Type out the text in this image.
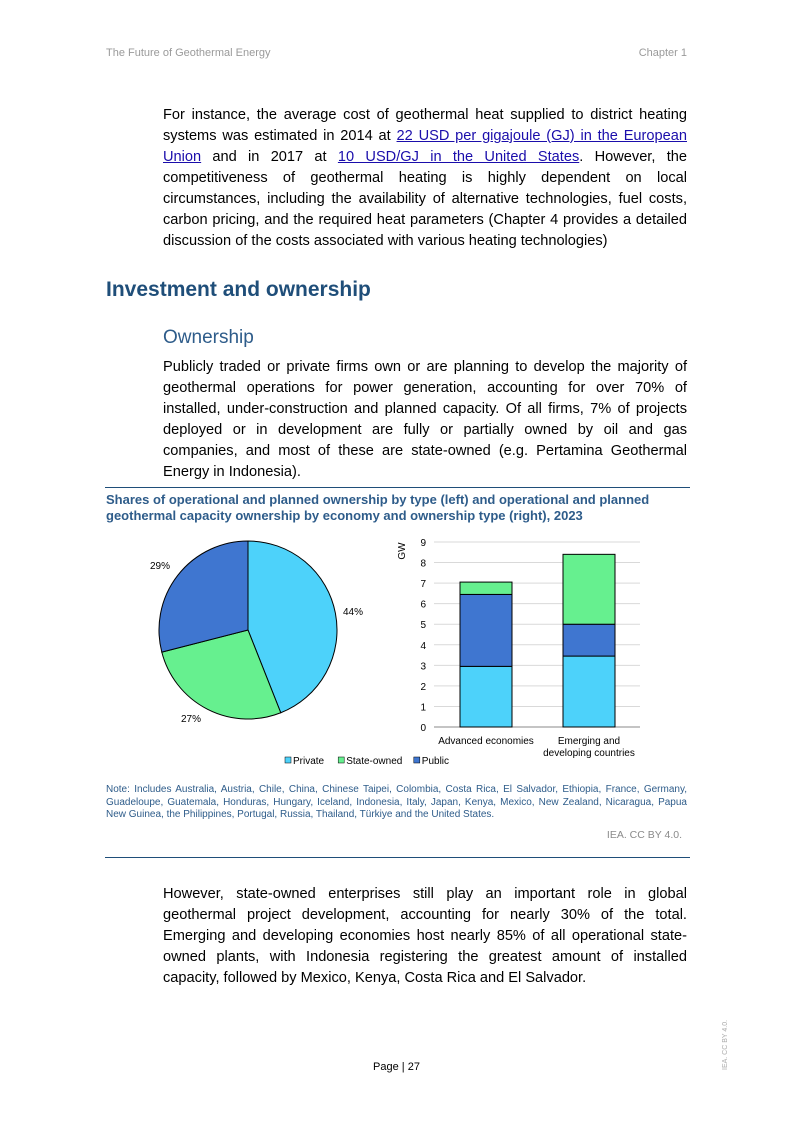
The Future of Geothermal Energy	Chapter 1
For instance, the average cost of geothermal heat supplied to district heating systems was estimated in 2014 at 22 USD per gigajoule (GJ) in the European Union and in 2017 at 10 USD/GJ in the United States. However, the competitiveness of geothermal heating is highly dependent on local circumstances, including the availability of alternative technologies, fuel costs, carbon pricing, and the required heat parameters (Chapter 4 provides a detailed discussion of the costs associated with various heating technologies)
Investment and ownership
Ownership
Publicly traded or private firms own or are planning to develop the majority of geothermal operations for power generation, accounting for over 70% of installed, under-construction and planned capacity. Of all firms, 7% of projects deployed or in development are fully or partially owned by oil and gas companies, and most of these are state-owned (e.g. Pertamina Geothermal Energy in Indonesia).
Shares of operational and planned ownership by type (left) and operational and planned geothermal capacity ownership by economy and ownership type (right), 2023
44%
27%
29%
0
1
2
3
4
5
6
7
8
9
GW
Advanced economies Emerging and
developing countries
Private State-owned Public
Note: Includes Australia, Austria, Chile, China, Chinese Taipei, Colombia, Costa Rica, El Salvador, Ethiopia, France, Germany, Guadeloupe, Guatemala, Honduras, Hungary, Iceland, Indonesia, Italy, Japan, Kenya, Mexico, New Zealand, Nicaragua, Papua New Guinea, the Philippines, Portugal, Russia, Thailand, Türkiye and the United States.
IEA. CC BY 4.0.
However, state-owned enterprises still play an important role in global geothermal project development, accounting for nearly 30% of the total. Emerging and developing economies host nearly 85% of all operational state-owned plants, with Indonesia registering the greatest amount of installed capacity, followed by Mexico, Kenya, Costa Rica and El Salvador.
Page | 27	IEA. CC BY 4.0.
